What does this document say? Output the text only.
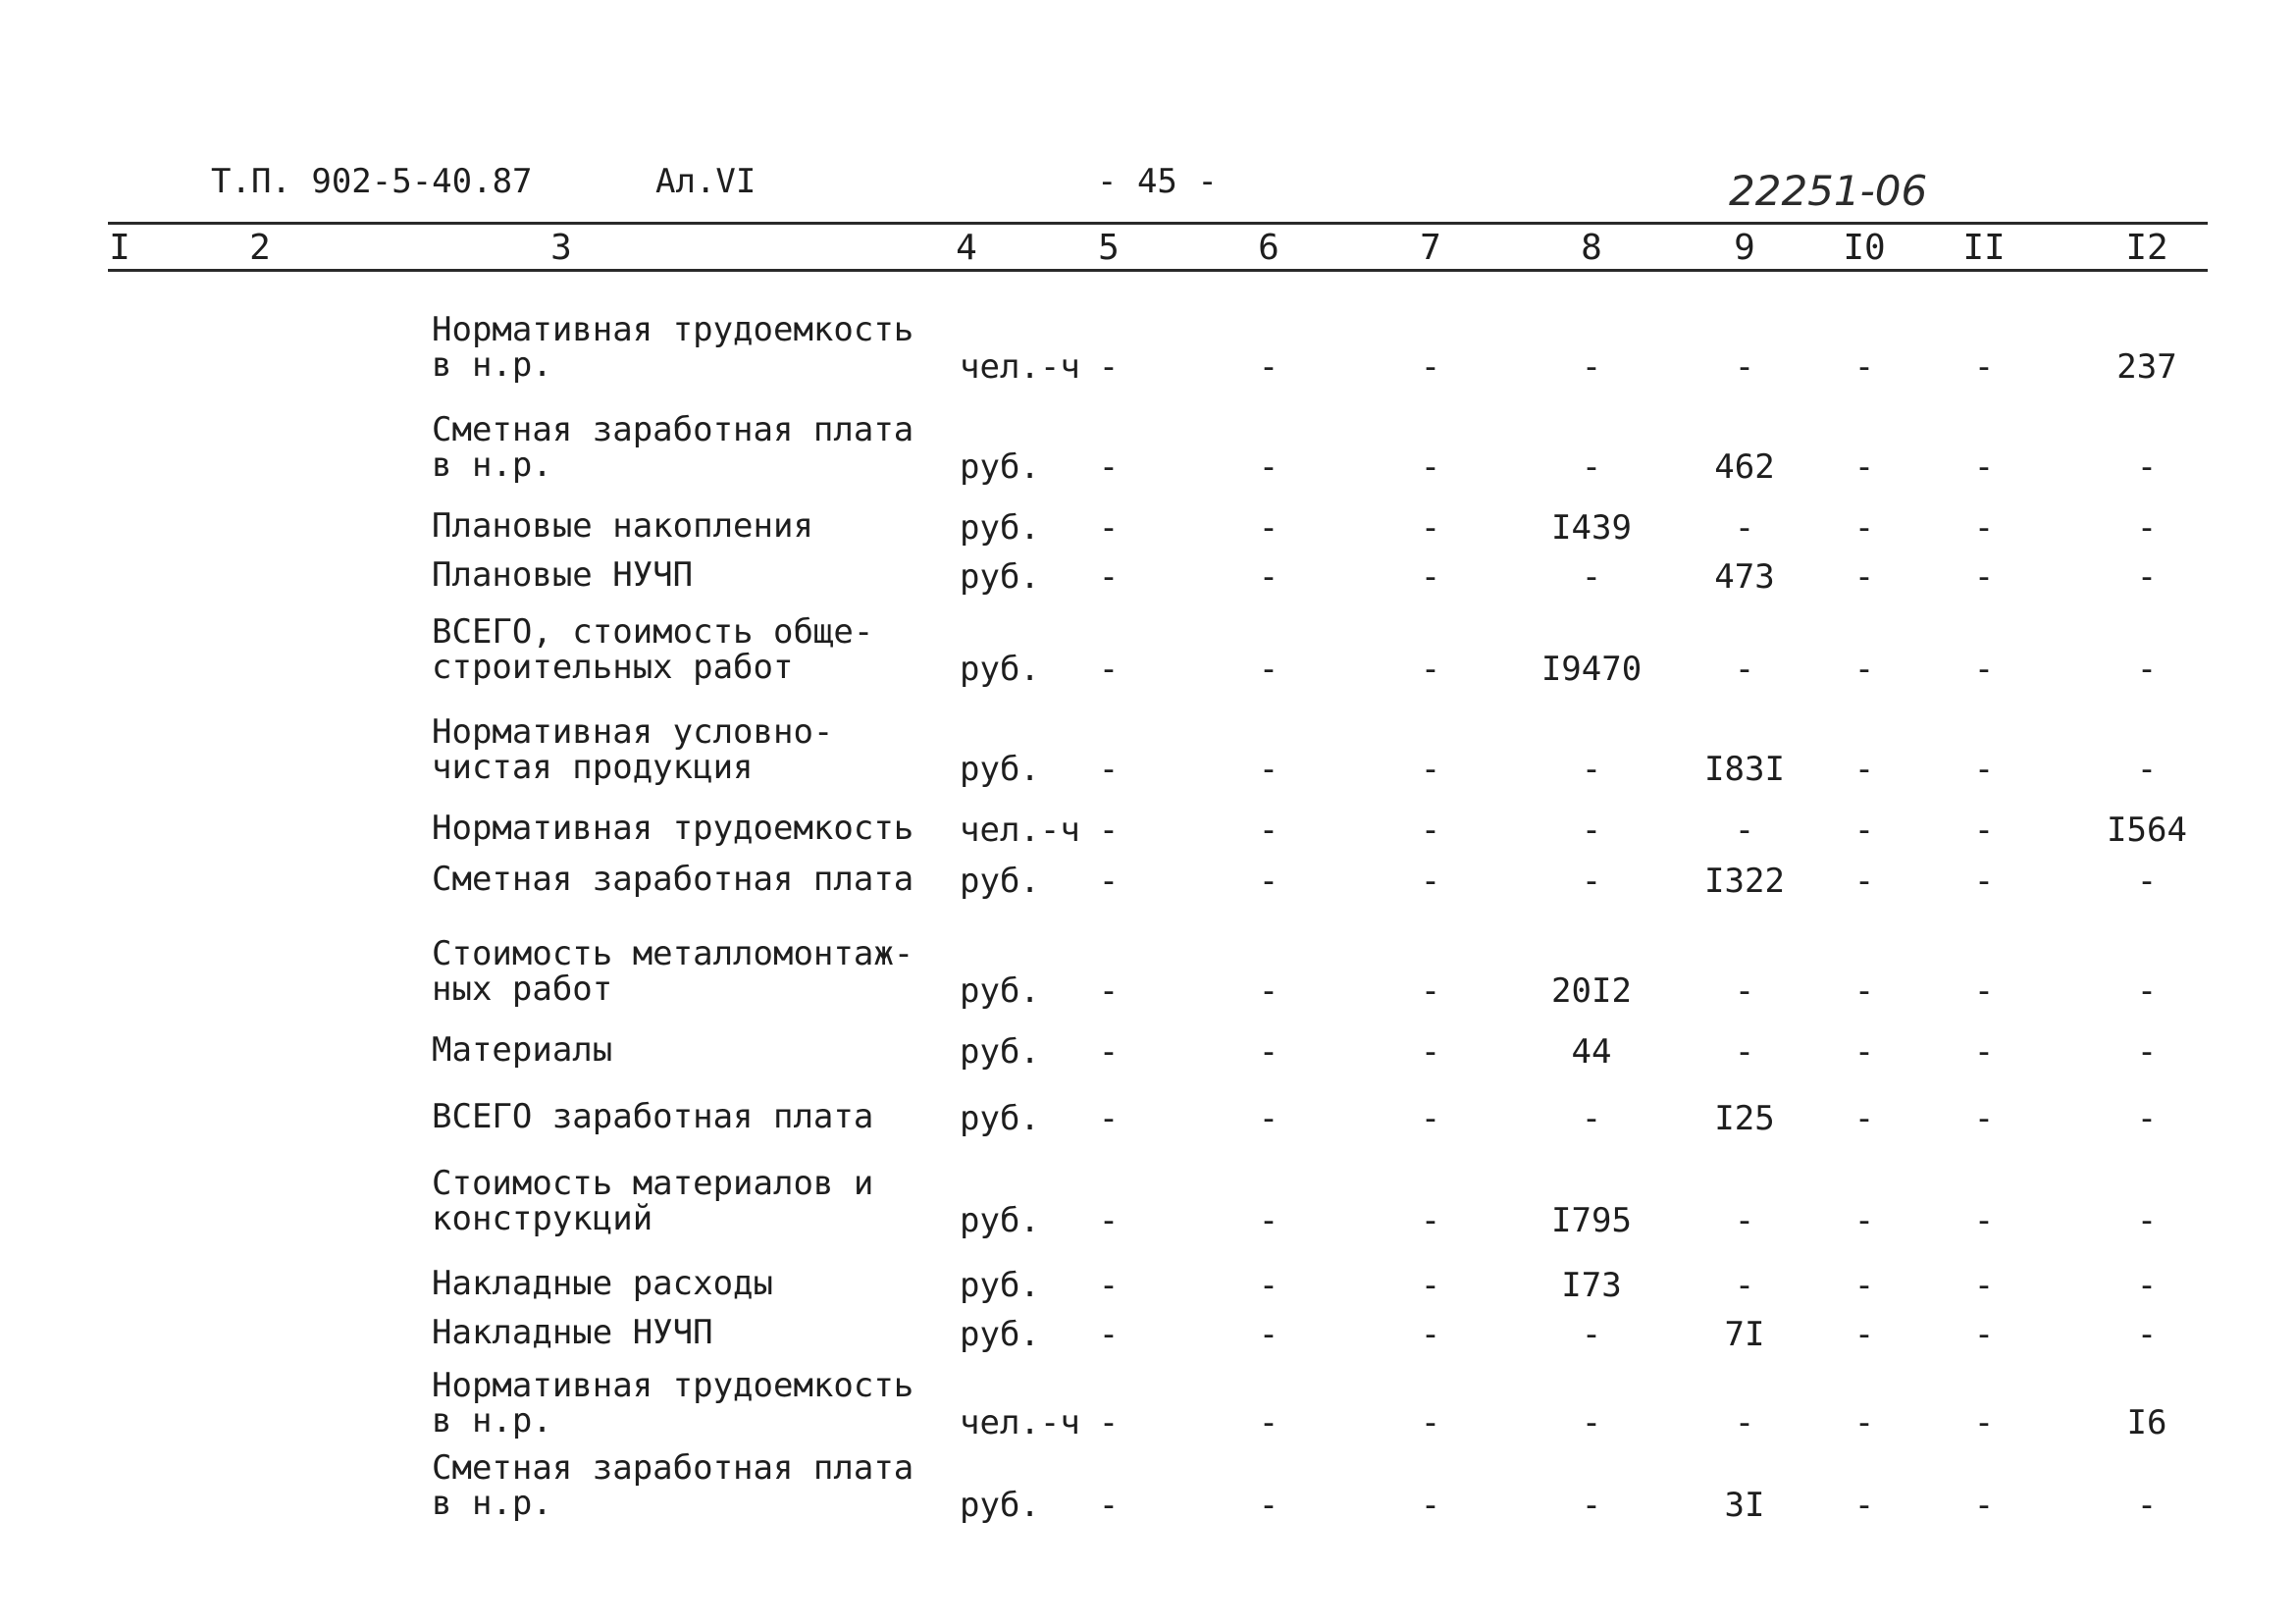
Т.П. 902-5-40.87	Ал.VI	- 45 -	22251-06
I	2	3	4	5	6	7	8	9 I0 II	I2
Нормативная трудоемкость
в н.р.	чел.-ч -	-	-	-	-	-	-	237
Сметная заработная плата
в н.р.	руб. -	-	-	-	462 -	-	-
Плановые накопления	руб. -	-	-	I439	-	-	-	-
Плановые НУЧП	руб. -	-	-	-	473 -	-	-
ВСЕГО, стоимость обще-
строительных работ	руб. -	-	-	I9470	-	-	-	-
Нормативная условно-
чистая продукция	руб. -	-	-	-	I83I -	-	-
Нормативная трудоемкость	чел.-ч -	-	-	-	-	-	-	I564
Сметная заработная плата	руб. -	-	-	-	I322 -	-	-
Стоимость металломонтаж-
ных работ	руб. -	-	-	20I2	-	-	-	-
Материалы	руб. -	-	-	44	-	-	-	-
ВСЕГО заработная плата	руб. -	-	-	-	I25 -	-	-
Стоимость материалов и
конструкций	руб. -	-	-	I795	-	-	-	-
Накладные расходы	руб. -	-	-	I73	-	-	-	-
Накладные НУЧП	руб. -	-	-	-	7I	-	-	-
Нормативная трудоемкость
в н.р.	чел.-ч -	-	-	-	-	-	-	I6
Сметная заработная плата
в н.р.	руб. -	-	-	-	3I	-	-	-
